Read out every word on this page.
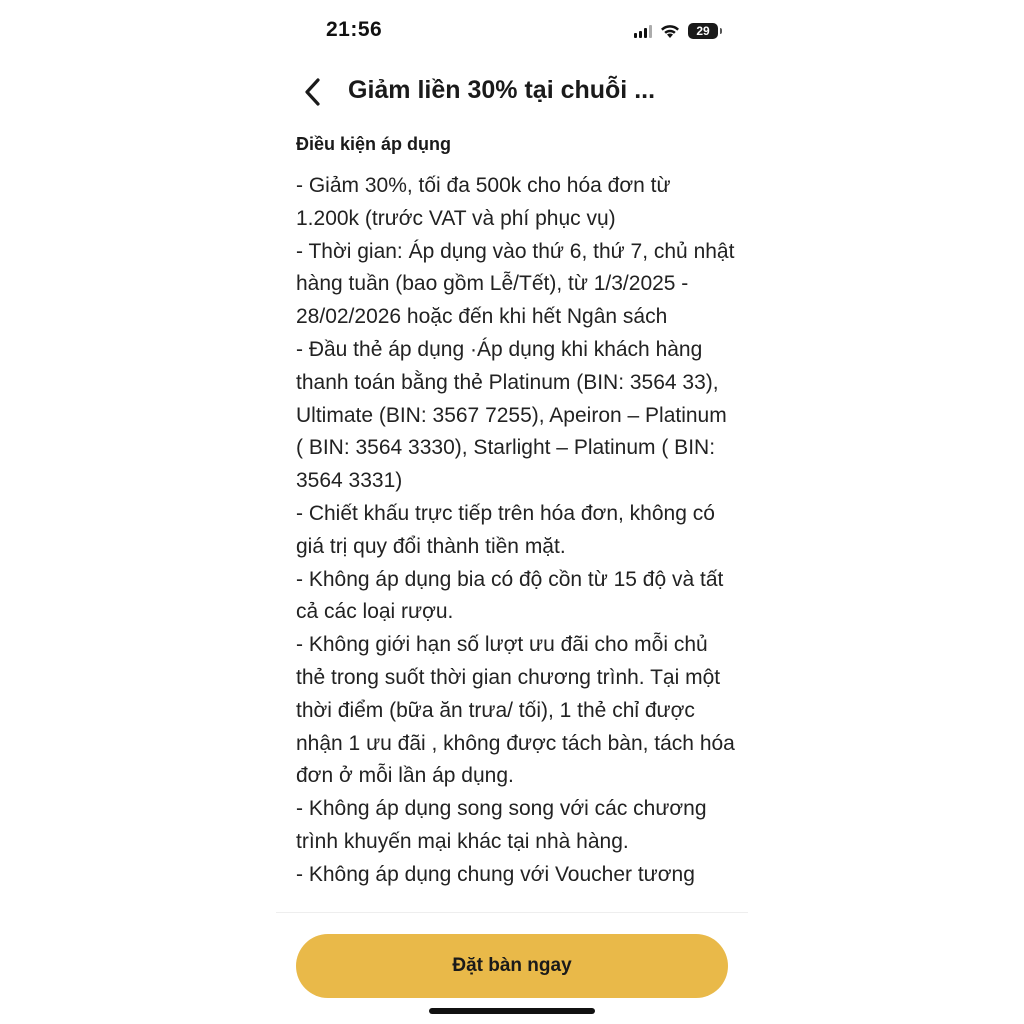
21:56	29
Giảm liền 30% tại chuỗi ...
Điều kiện áp dụng
- Giảm 30%, tối đa 500k cho hóa đơn từ 1.200k (trước VAT và phí phục vụ)
- Thời gian: Áp dụng vào thứ 6, thứ 7, chủ nhật hàng tuần (bao gồm Lễ/Tết), từ 1/3/2025 - 28/02/2026 hoặc đến khi hết Ngân sách
- Đầu thẻ áp dụng ·Áp dụng khi khách hàng thanh toán bằng thẻ Platinum (BIN: 3564 33), Ultimate (BIN: 3567 7255), Apeiron – Platinum ( BIN: 3564 3330), Starlight – Platinum ( BIN: 3564 3331)
- Chiết khấu trực tiếp trên hóa đơn, không có giá trị quy đổi thành tiền mặt.
- Không áp dụng bia có độ cồn từ 15 độ và tất cả các loại rượu.
- Không giới hạn số lượt ưu đãi cho mỗi chủ thẻ trong suốt thời gian chương trình. Tại một thời điểm (bữa ăn trưa/ tối), 1 thẻ chỉ được nhận 1 ưu đãi , không được tách bàn, tách hóa đơn ở mỗi lần áp dụng.
- Không áp dụng song song với các chương trình khuyến mại khác tại nhà hàng.
- Không áp dụng chung với Voucher tương
Đặt bàn ngay
